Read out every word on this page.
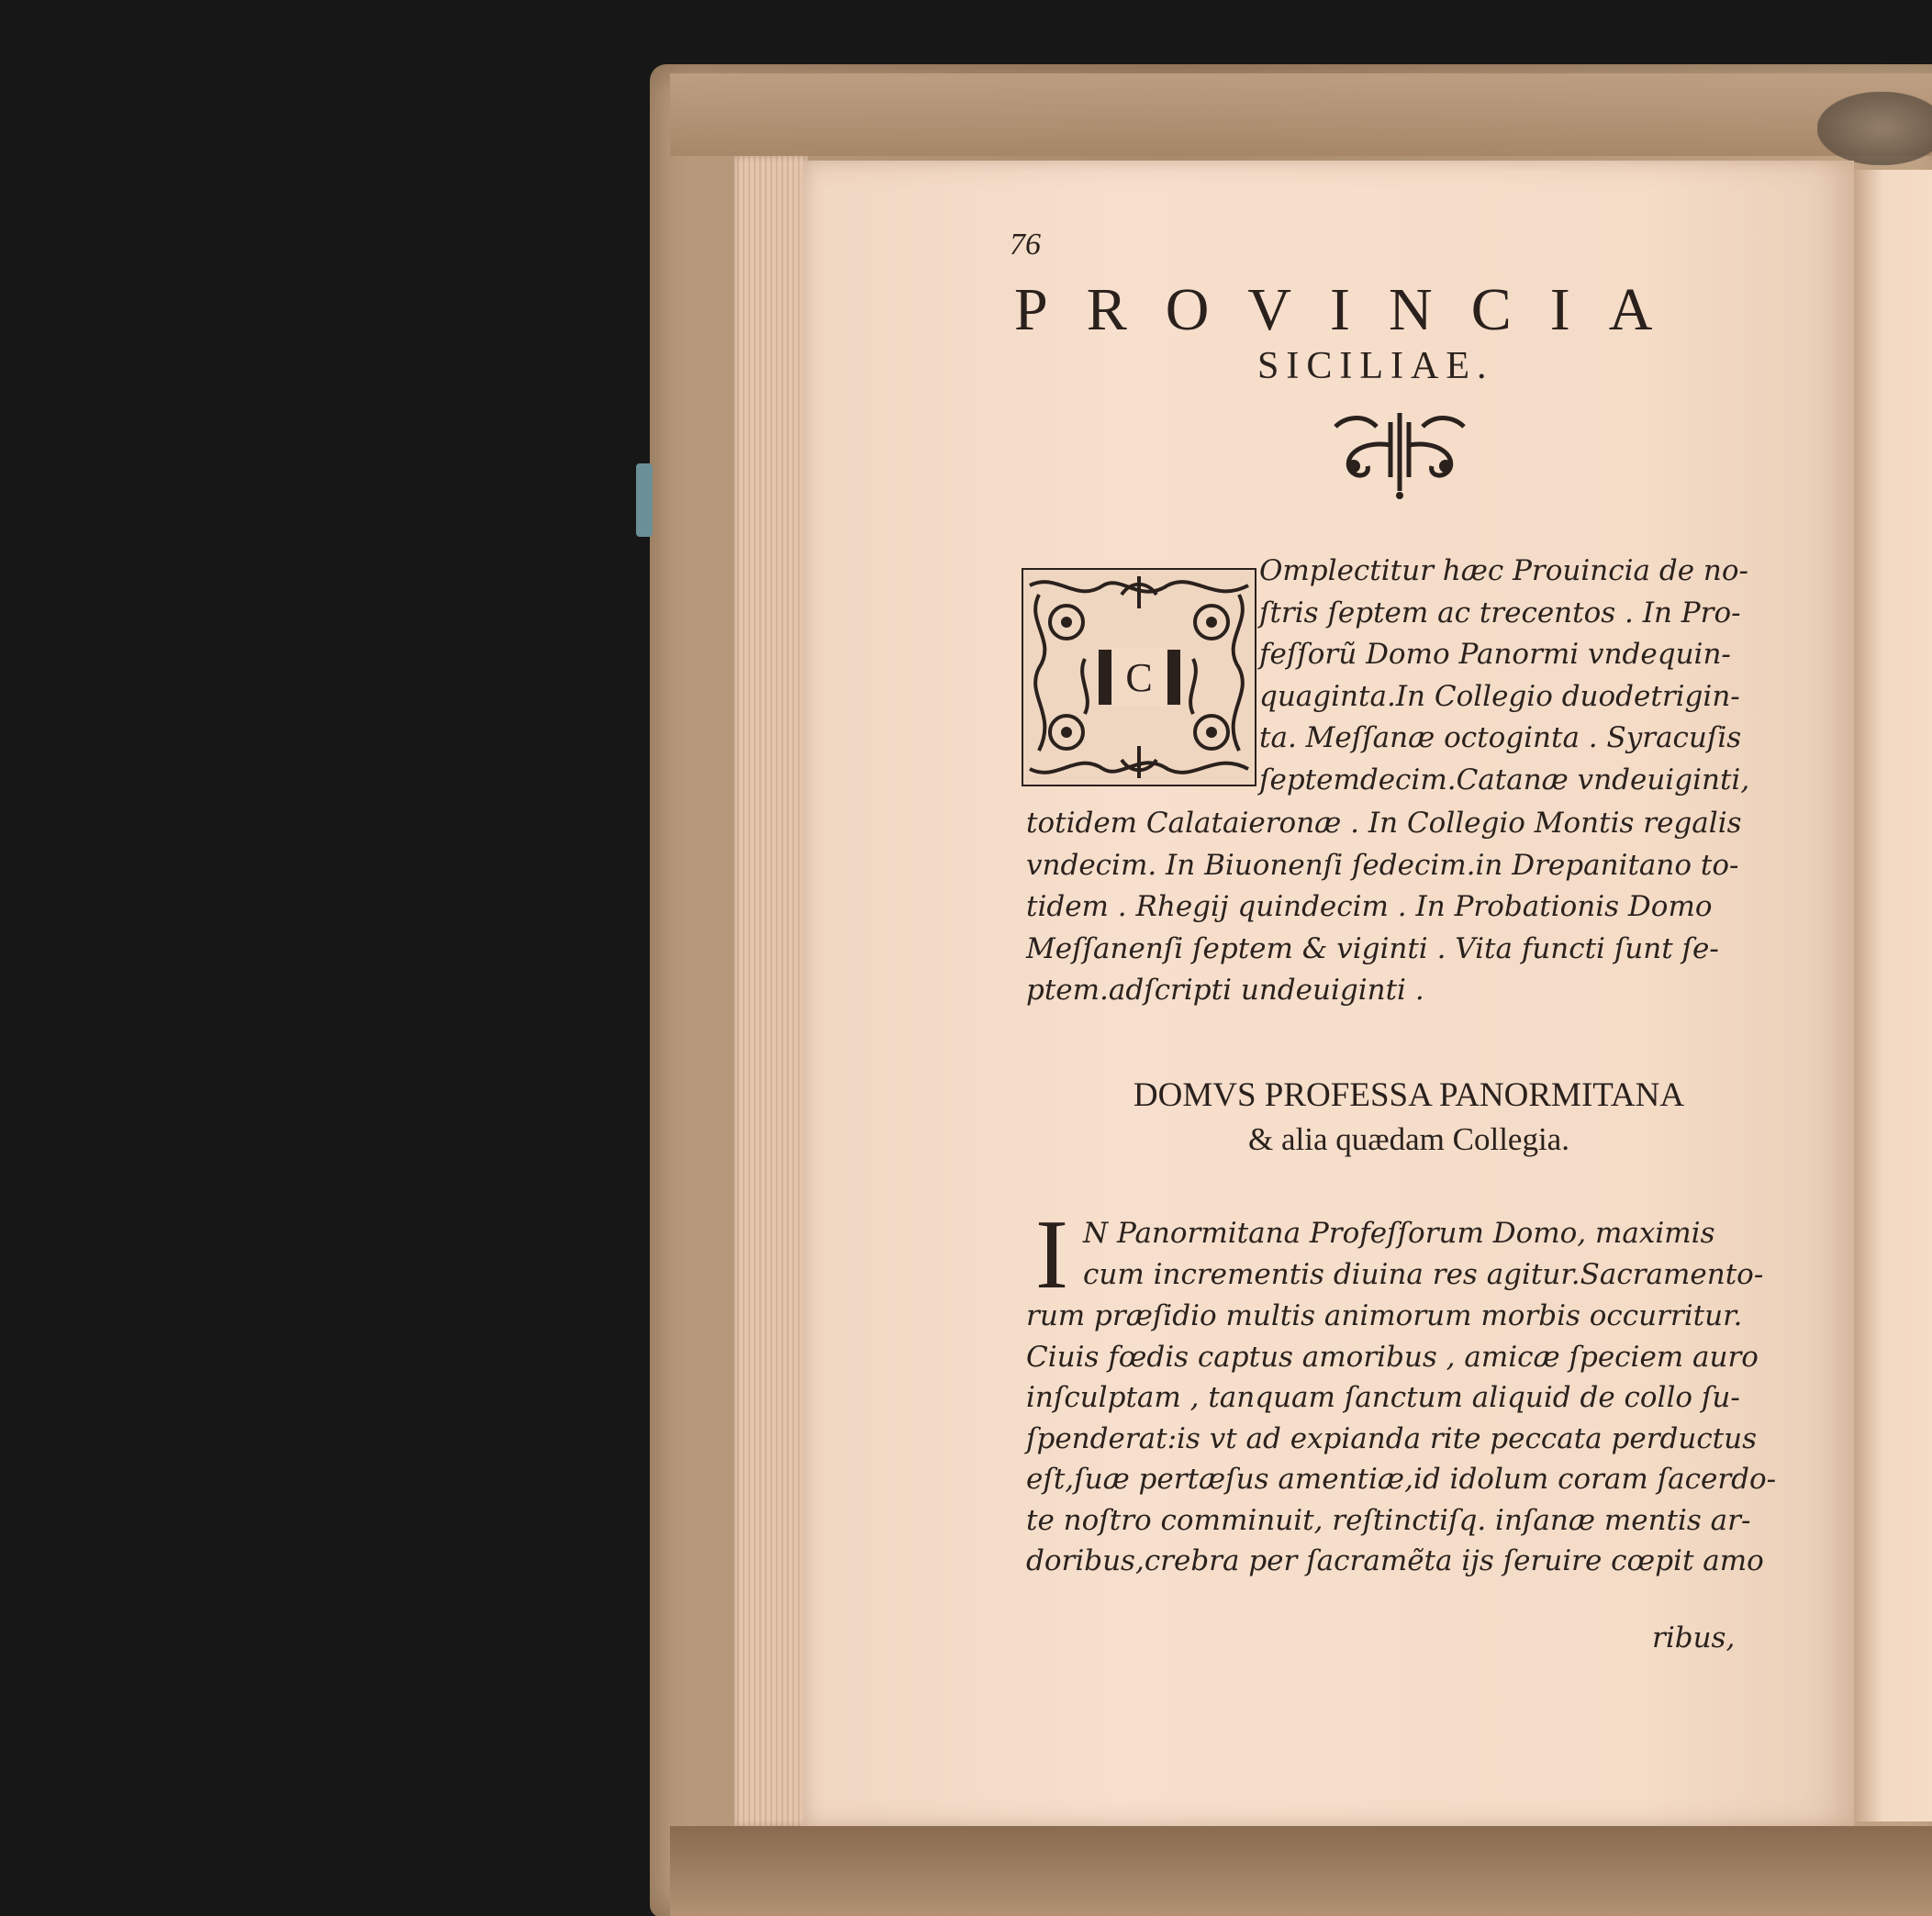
76

PROVINCIA
SICILIAE.
C

Omplectitur hæc Prouincia de no-
ſtris ſeptem ac trecentos . In Pro-
feſſorũ Domo Panormi vndequin-
quaginta.In Collegio duodetrigin-
ta. Meſſanæ octoginta . Syracuſis
ſeptemdecim.Catanæ vndeuiginti,

totidem Calataieronæ . In Collegio Montis regalis
vndecim. In Biuonenſi ſedecim.in Drepanitano to-
tidem . Rhegij quindecim . In Probationis Domo
Meſſanenſi ſeptem & viginti . Vita functi ſunt ſe-
ptem.adſcripti undeuiginti .

DOMVS PROFESSA PANORMITANA
& alia quædam Collegia.
I N Panormitana Profeſſorum Domo, maximis
cum incrementis diuina res agitur.Sacramento-

rum præſidio multis animorum morbis occurritur.
Ciuis fœdis captus amoribus , amicæ ſpeciem auro
inſculptam , tanquam ſanctum aliquid de collo ſu-
ſpenderat:is vt ad expianda rite peccata perductus
eſt,ſuæ pertæſus amentiæ,id idolum coram ſacerdo-
te noſtro comminuit, reſtinctiſq. inſanæ mentis ar-
doribus,crebra per ſacramẽta ijs ſeruire cœpit amo

ribus,
